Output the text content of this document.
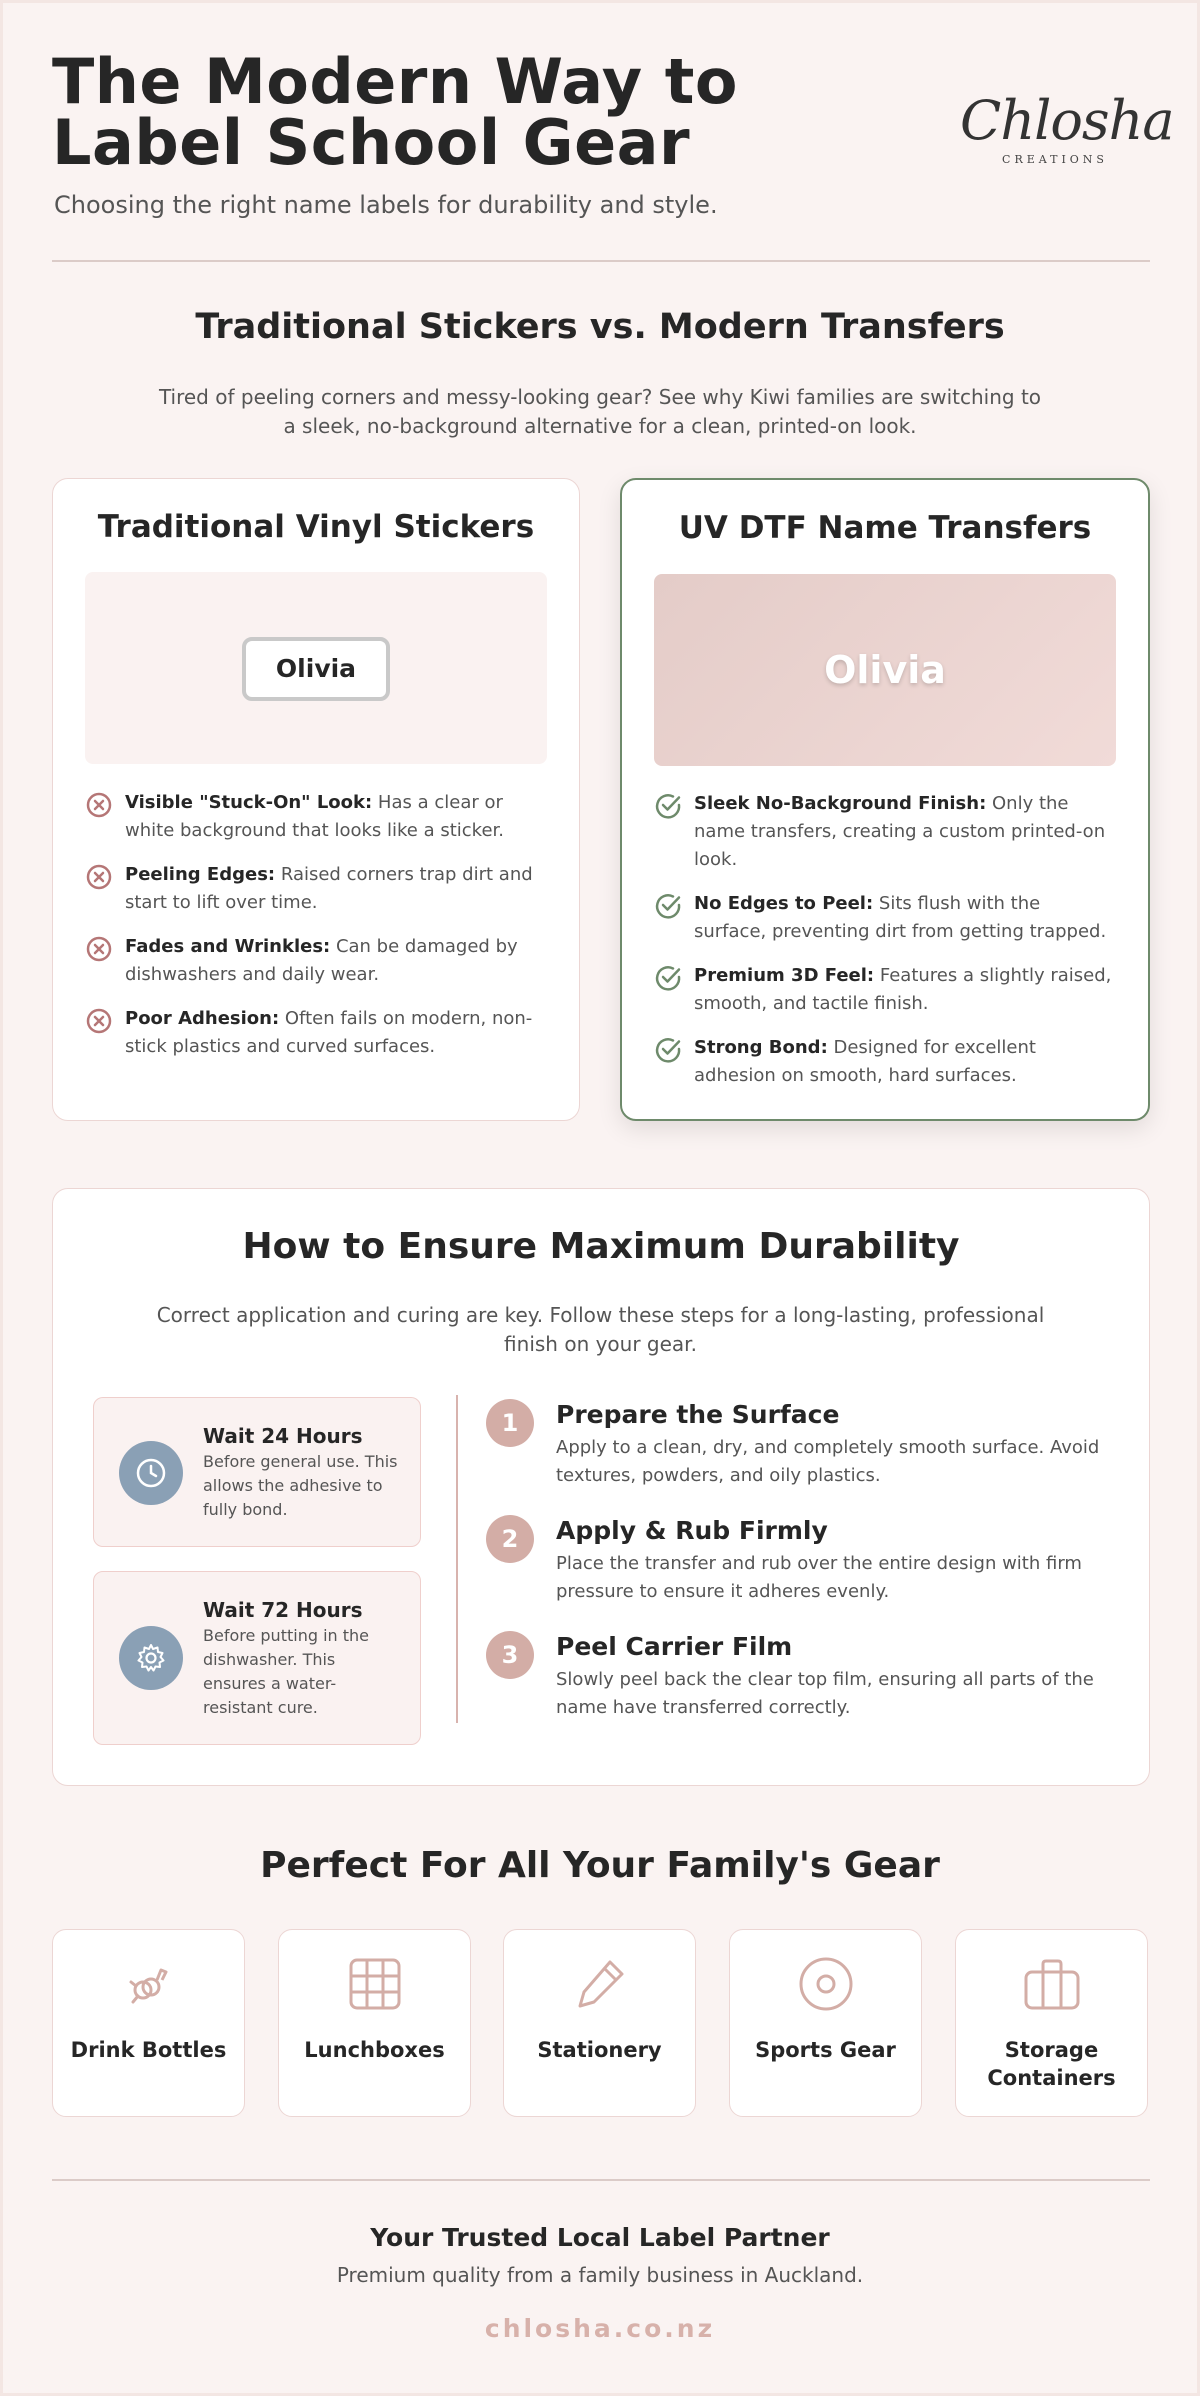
The Modern Way to
Label School Gear
Choosing the right name labels for durability and style.
Chlosha
CREATIONS
Traditional Stickers vs. Modern Transfers
Tired of peeling corners and messy-looking gear? See why Kiwi families are switching to a sleek, no-background alternative for a clean, printed-on look.
Traditional Vinyl Stickers
Olivia
Visible "Stuck-On" Look: Has a clear or white background that looks like a sticker.
Peeling Edges: Raised corners trap dirt and start to lift over time.
Fades and Wrinkles: Can be damaged by dishwashers and daily wear.
Poor Adhesion: Often fails on modern, non-stick plastics and curved surfaces.
UV DTF Name Transfers
Olivia
Sleek No-Background Finish: Only the name transfers, creating a custom printed-on look.
No Edges to Peel: Sits flush with the surface, preventing dirt from getting trapped.
Premium 3D Feel: Features a slightly raised, smooth, and tactile finish.
Strong Bond: Designed for excellent adhesion on smooth, hard surfaces.
How to Ensure Maximum Durability
Correct application and curing are key. Follow these steps for a long-lasting, professional finish on your gear.
Wait 24 Hours
Before general use. This allows the adhesive to fully bond.
Wait 72 Hours
Before putting in the dishwasher. This ensures a water-resistant cure.
1	Prepare the Surface
Apply to a clean, dry, and completely smooth surface. Avoid textures, powders, and oily plastics.
2	Apply & Rub Firmly
Place the transfer and rub over the entire design with firm pressure to ensure it adheres evenly.
3	Peel Carrier Film
Slowly peel back the clear top film, ensuring all parts of the name have transferred correctly.
Perfect For All Your Family's Gear
Drink Bottles	Lunchboxes	Stationery	Sports Gear	Storage Containers
Your Trusted Local Label Partner
Premium quality from a family business in Auckland.
chlosha.co.nz
